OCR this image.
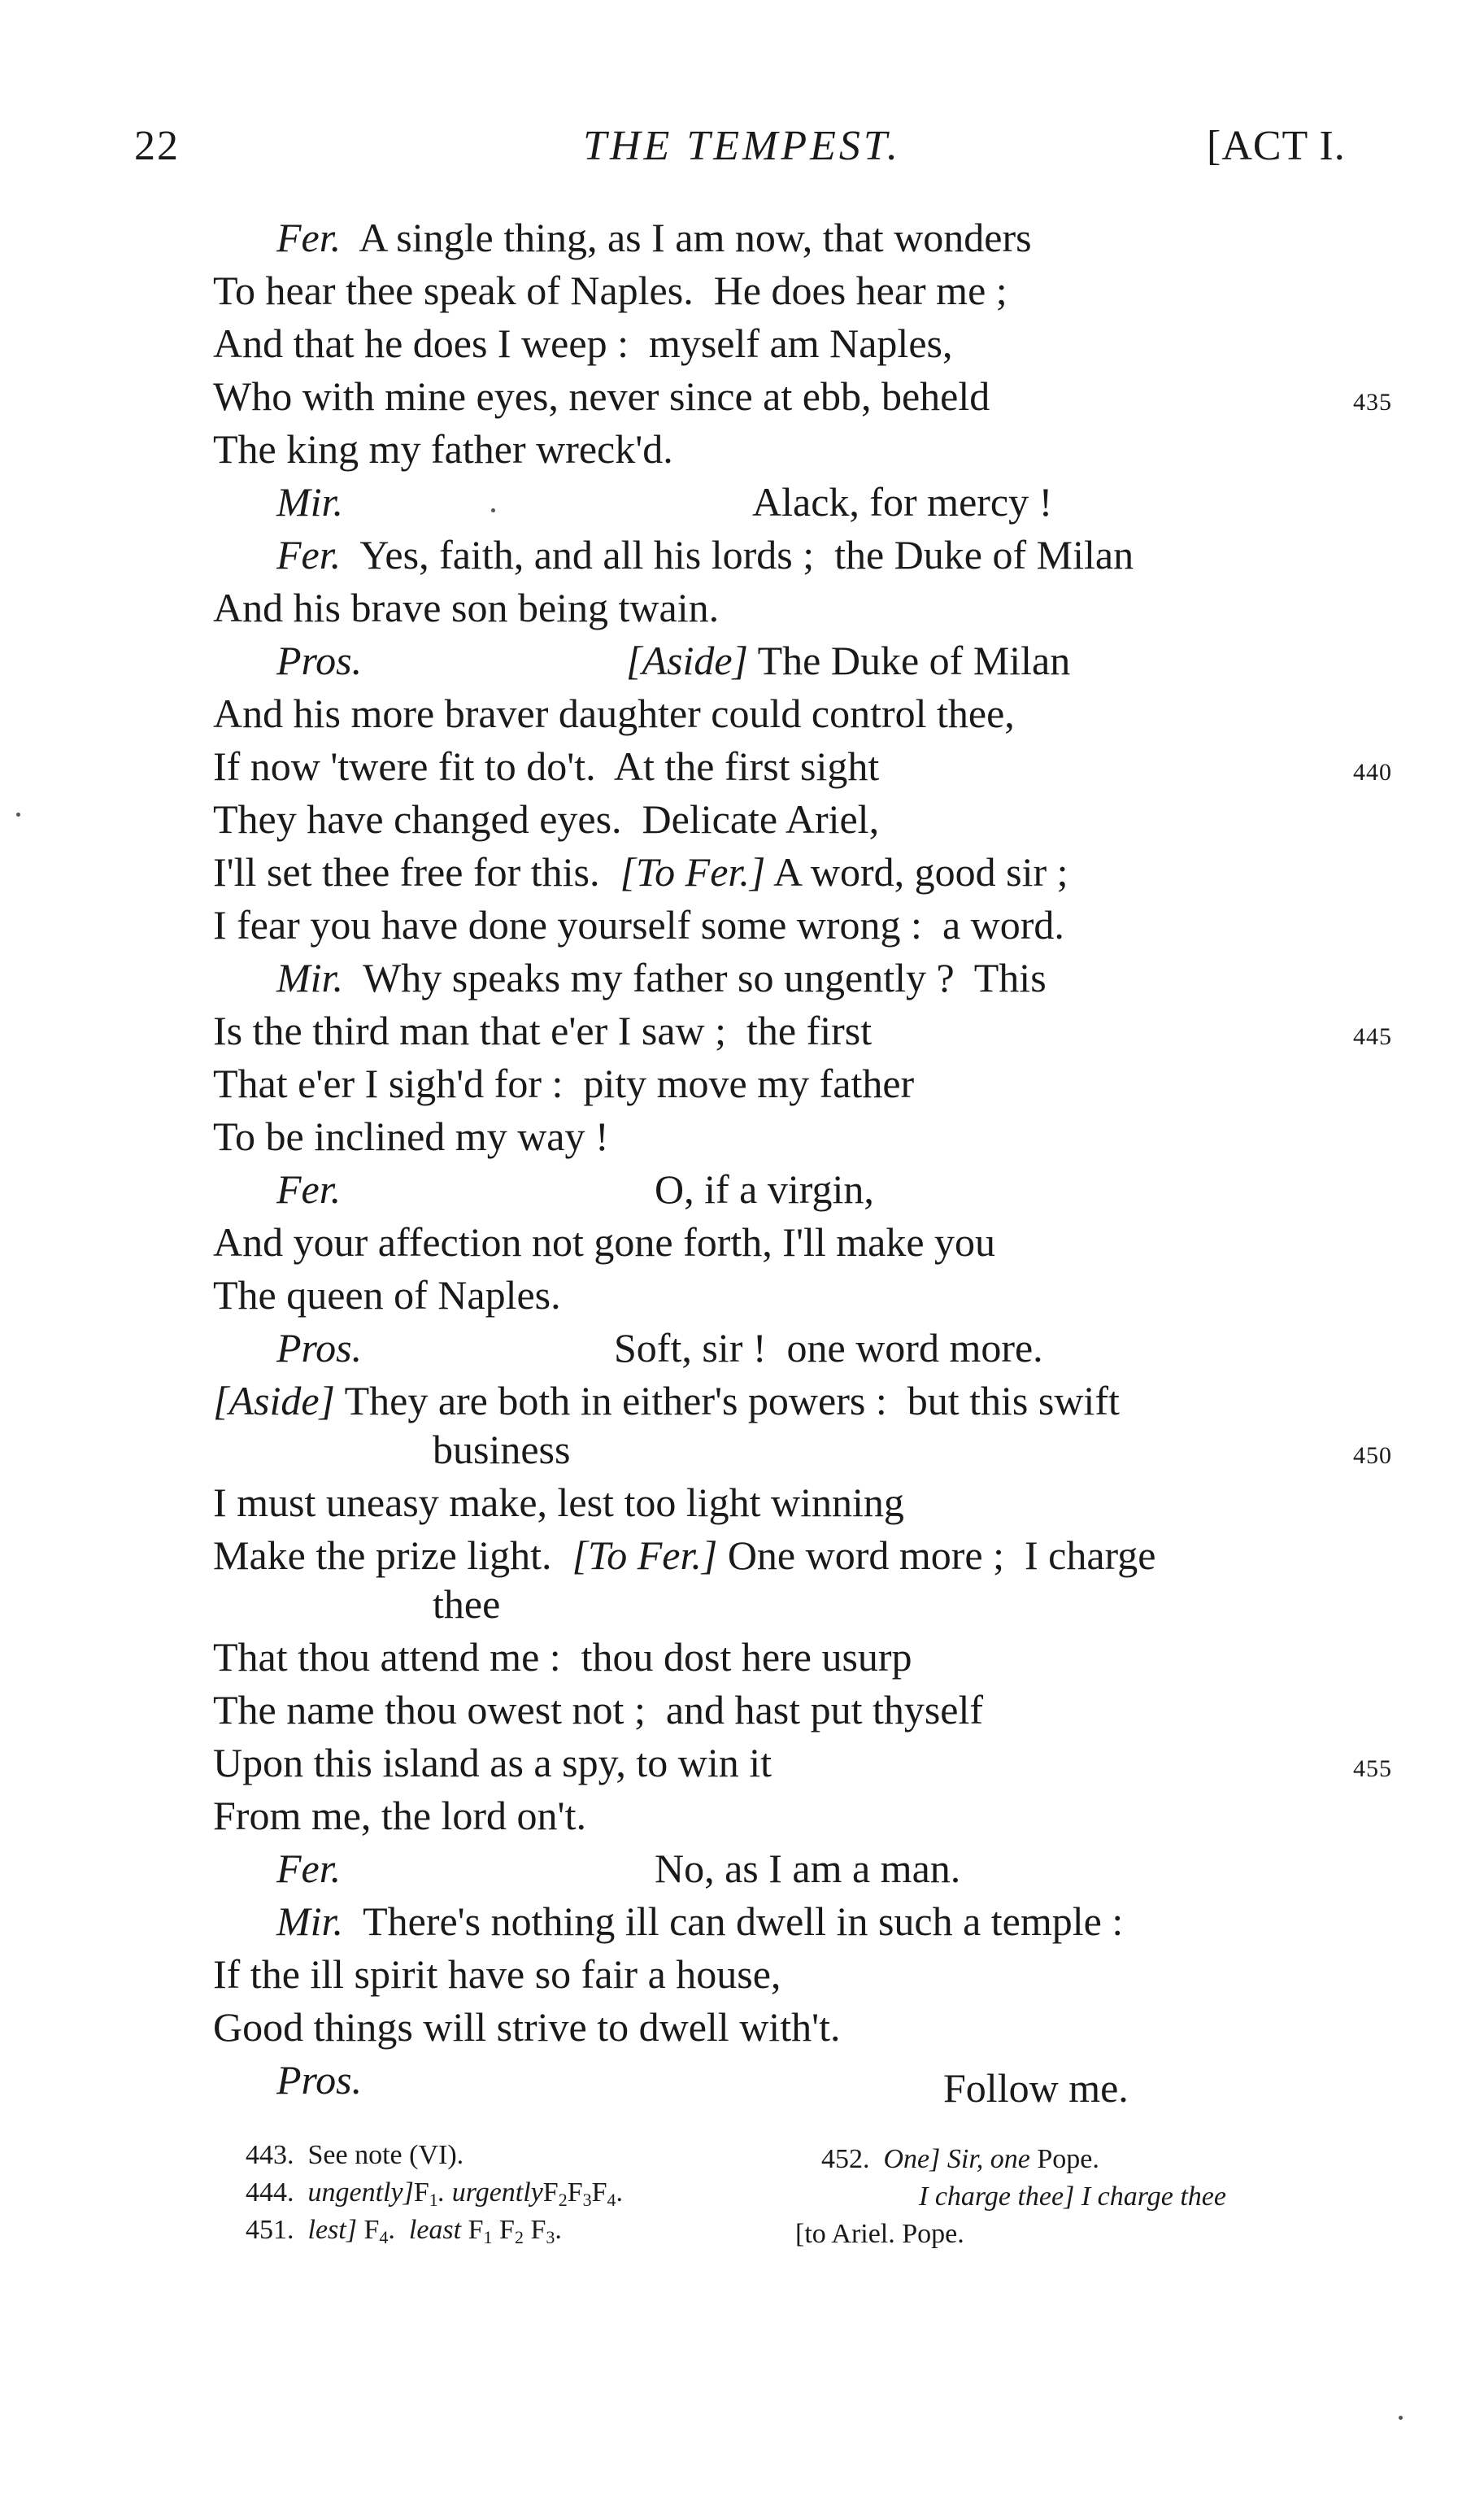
22	THE TEMPEST.	[ACT I.
Fer. A single thing, as I am now, that wonders
To hear thee speak of Naples.  He does hear me ;
And that he does I weep :  myself am Naples,
Who with mine eyes, never since at ebb, beheld	435
The king my father wreck'd.
Mir.	Alack, for mercy !
Fer. Yes, faith, and all his lords ;  the Duke of Milan
And his brave son being twain.
Pros.	[Aside] The Duke of Milan
And his more braver daughter could control thee,
If now 'twere fit to do't.  At the first sight	440
They have changed eyes.  Delicate Ariel,
I'll set thee free for this.  [To Fer.] A word, good sir ;
I fear you have done yourself some wrong :  a word.
Mir. Why speaks my father so ungently ?  This
Is the third man that e'er I saw ;  the first	445
That e'er I sigh'd for :  pity move my father
To be inclined my way !
Fer.	O, if a virgin,
And your affection not gone forth, I'll make you
The queen of Naples.
Pros.	Soft, sir !  one word more.
[Aside] They are both in either's powers :  but this swift
business	450
I must uneasy make, lest too light winning
Make the prize light.  [To Fer.] One word more ;  I charge
thee
That thou attend me :  thou dost here usurp
The name thou owest not ;  and hast put thyself
Upon this island as a spy, to win it	455
From me, the lord on't.
Fer.	No, as I am a man.
Mir. There's nothing ill can dwell in such a temple :
If the ill spirit have so fair a house,
Good things will strive to dwell with't.
Pros.	Follow me.
443. See note (VI).
444. $ungently]F_1$. $urgentlyF_2F_3F_4$.
451. lest] $F_4$.  least $F_1$ $F_2$ $F_3$.
452. One] Sir, one Pope.
I charge thee] I charge thee
[to Ariel. Pope.
